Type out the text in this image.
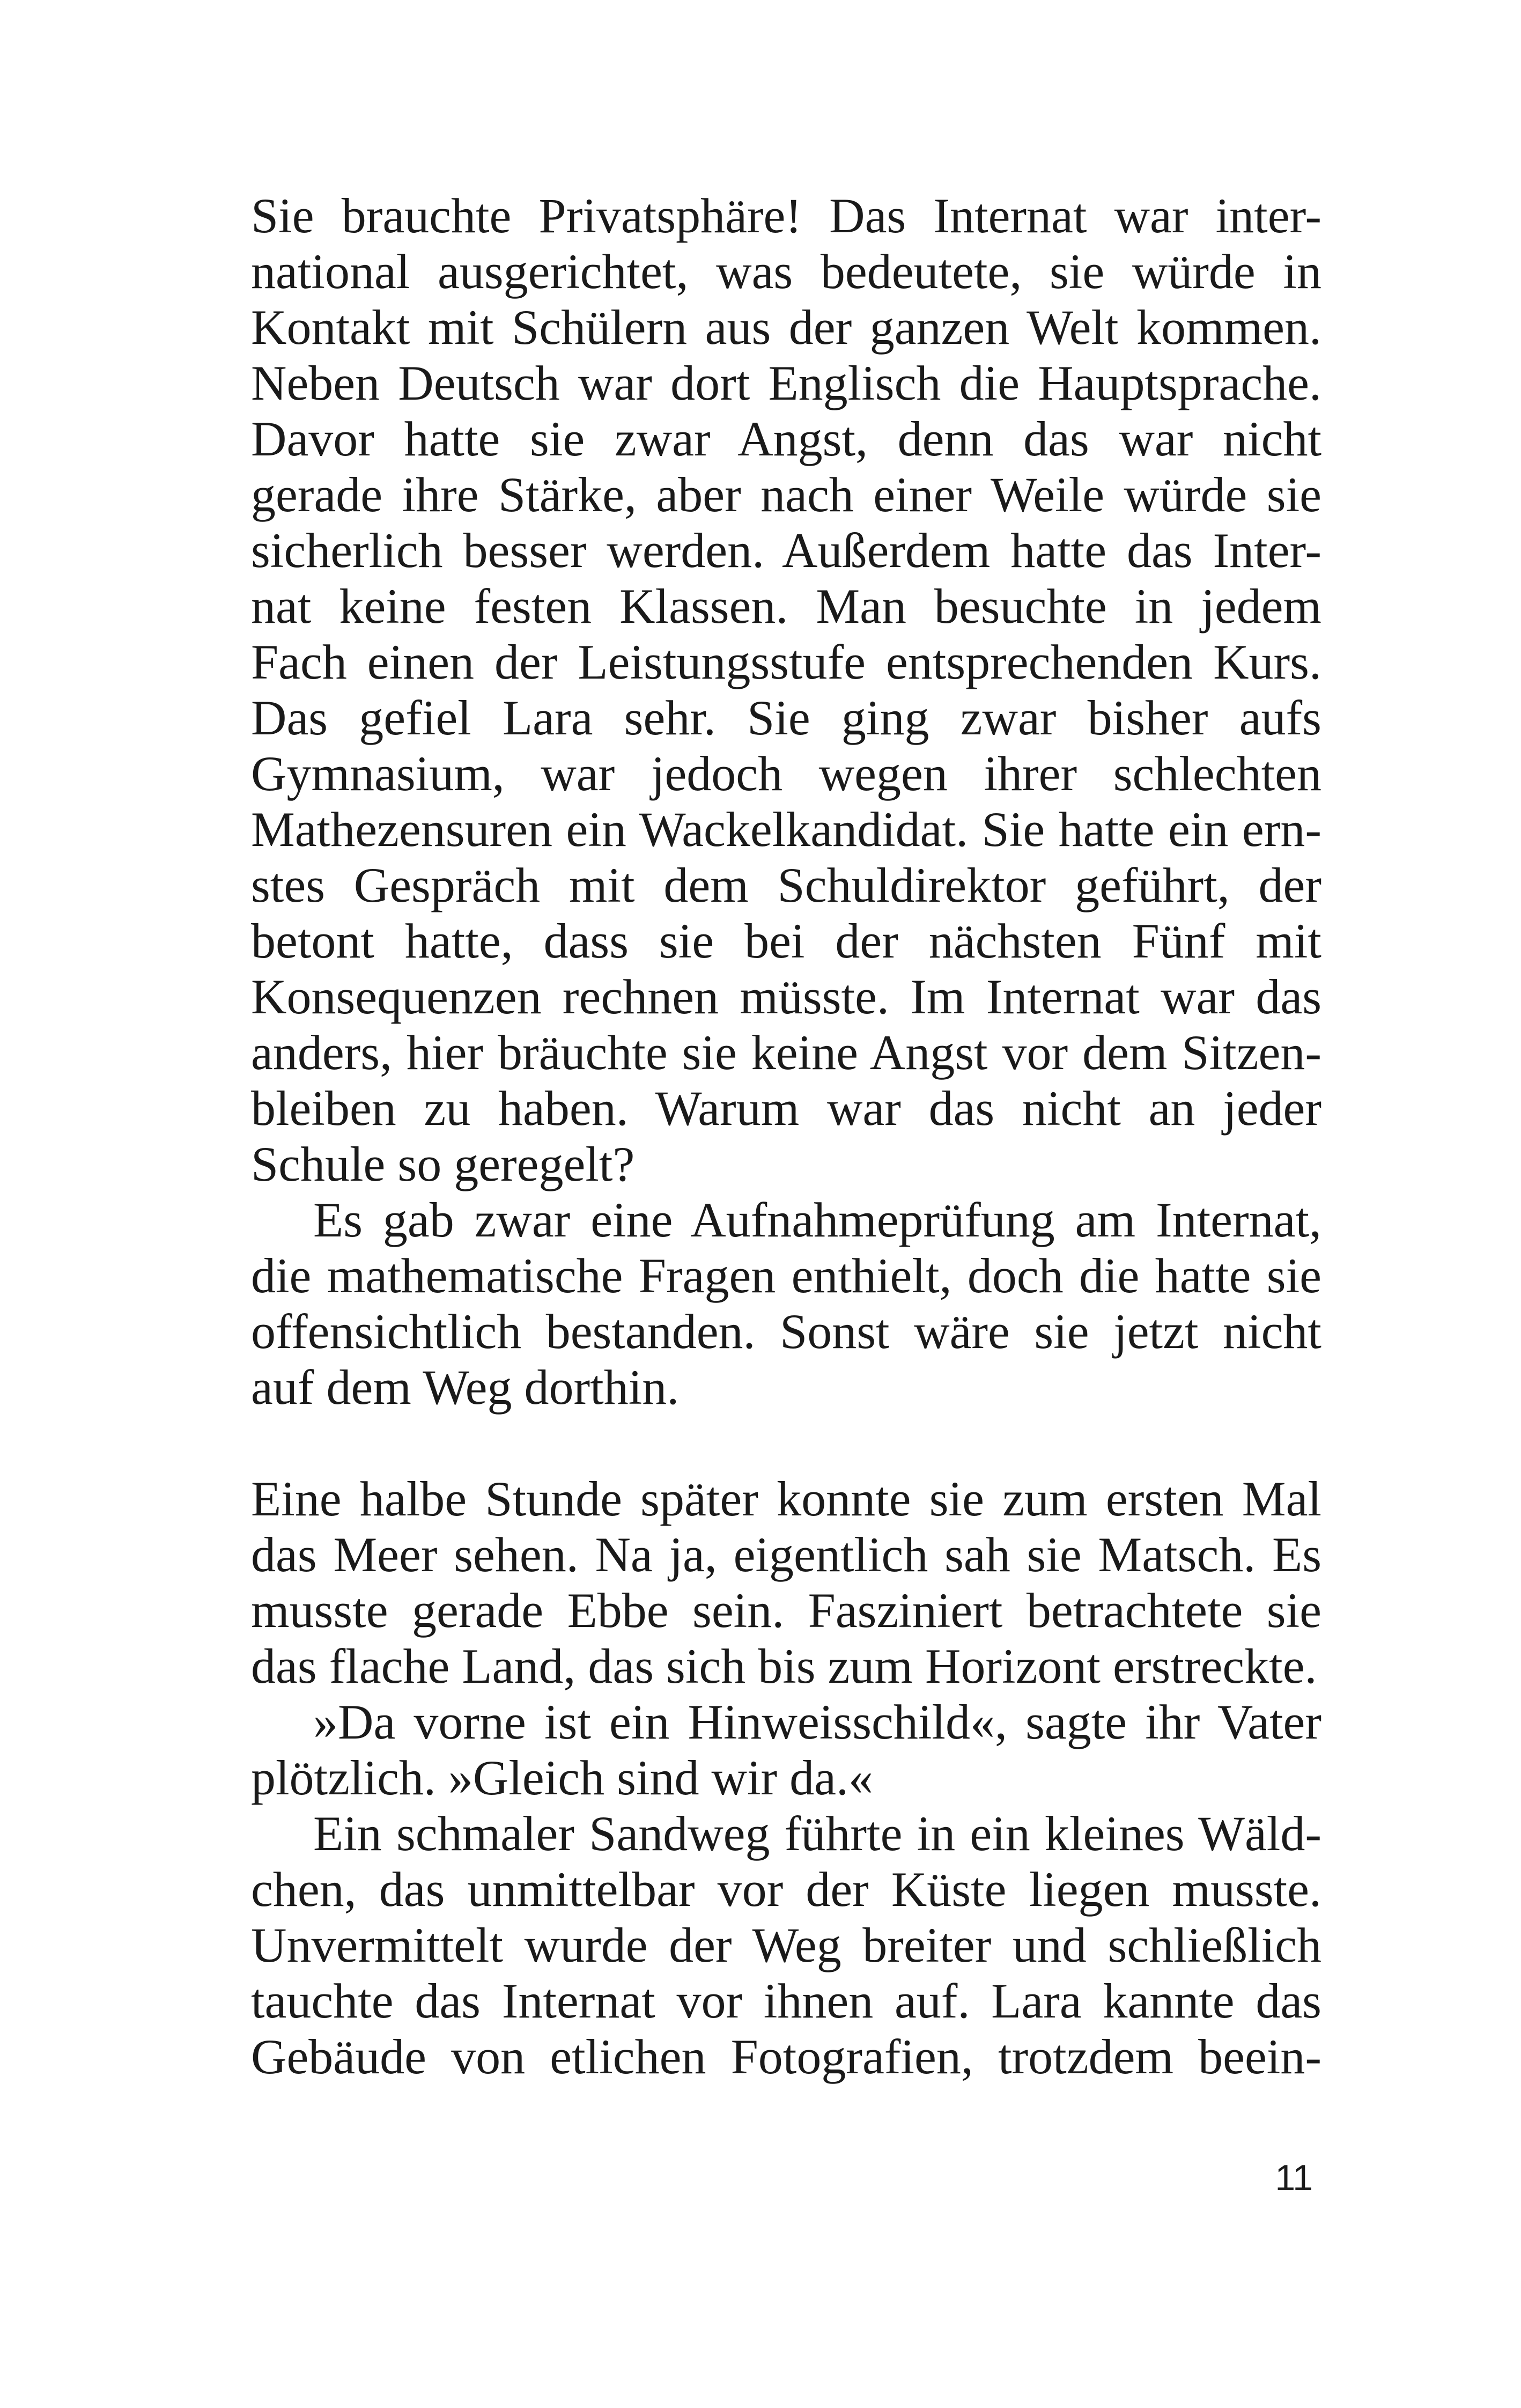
Sie brauchte Privatsphäre! Das Internat war inter-
national ausgerichtet, was bedeutete, sie würde in
Kontakt mit Schülern aus der ganzen Welt kommen.
Neben Deutsch war dort Englisch die Hauptsprache.
Davor hatte sie zwar Angst, denn das war nicht
gerade ihre Stärke, aber nach einer Weile würde sie
sicherlich besser werden. Außerdem hatte das Inter-
nat keine festen Klassen. Man besuchte in jedem
Fach einen der Leistungsstufe entsprechenden Kurs.
Das gefiel Lara sehr. Sie ging zwar bisher aufs
Gymnasium, war jedoch wegen ihrer schlechten
Mathezensuren ein Wackelkandidat. Sie hatte ein ern-
stes Gespräch mit dem Schuldirektor geführt, der
betont hatte, dass sie bei der nächsten Fünf mit
Konsequenzen rechnen müsste. Im Internat war das
anders, hier bräuchte sie keine Angst vor dem Sitzen-
bleiben zu haben. Warum war das nicht an jeder
Schule so geregelt?
Es gab zwar eine Aufnahmeprüfung am Internat,
die mathematische Fragen enthielt, doch die hatte sie
offensichtlich bestanden. Sonst wäre sie jetzt nicht
auf dem Weg dorthin.
Eine halbe Stunde später konnte sie zum ersten Mal
das Meer sehen. Na ja, eigentlich sah sie Matsch. Es
musste gerade Ebbe sein. Fasziniert betrachtete sie
das flache Land, das sich bis zum Horizont erstreckte.
»Da vorne ist ein Hinweisschild«, sagte ihr Vater
plötzlich. »Gleich sind wir da.«
Ein schmaler Sandweg führte in ein kleines Wäld-
chen, das unmittelbar vor der Küste liegen musste.
Unvermittelt wurde der Weg breiter und schließlich
tauchte das Internat vor ihnen auf. Lara kannte das
Gebäude von etlichen Fotografien, trotzdem beein-
11
